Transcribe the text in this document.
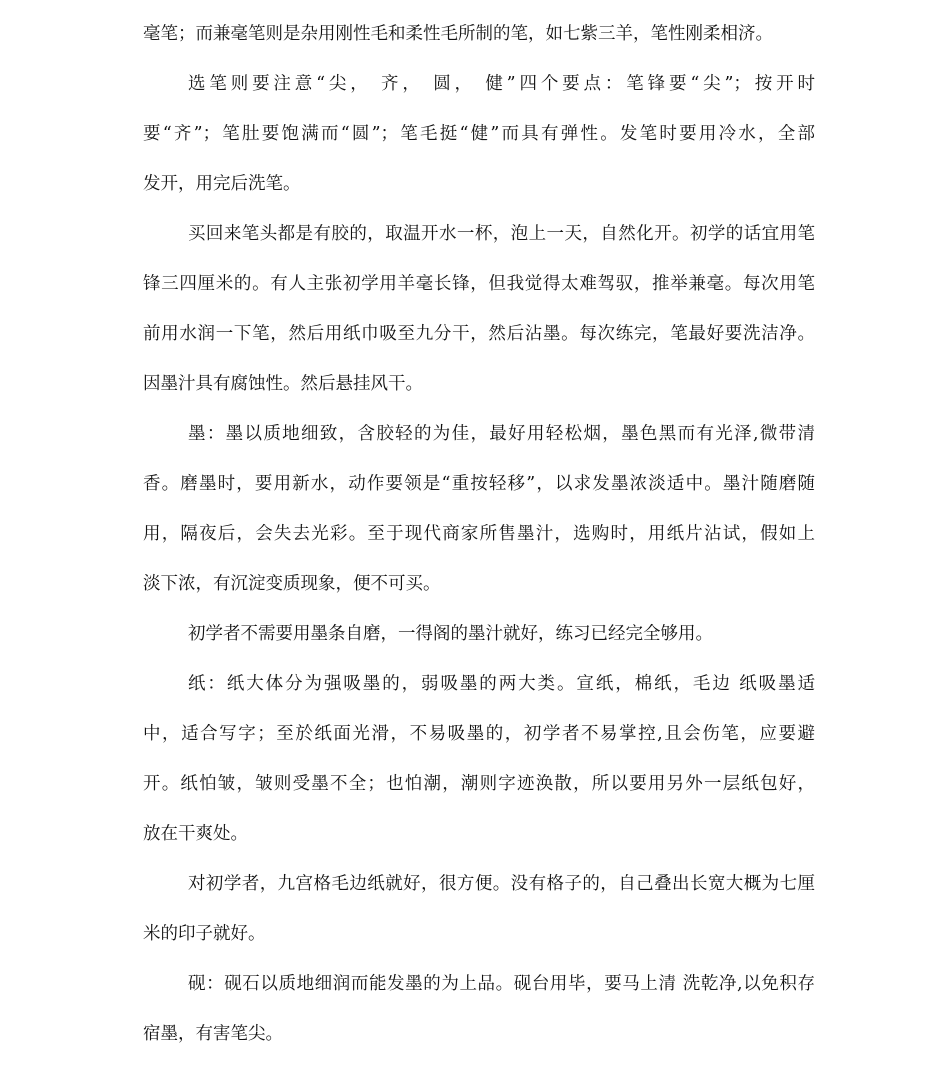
毫笔；而兼毫笔则是杂用刚性毛和柔性毛所制的笔，如七紫三羊，笔性刚柔相济。
选笔则要注意“尖， 齐， 圆， 健”四个要点：笔锋要“尖”；按开时
要“齐”；笔肚要饱满而“圆”；笔毛挺“健”而具有弹性。发笔时要用冷水，全部
发开，用完后洗笔。
买回来笔头都是有胶的，取温开水一杯，泡上一天，自然化开。初学的话宜用笔
锋三四厘米的。有人主张初学用羊毫长锋，但我觉得太难驾驭，推举兼毫。每次用笔
前用水润一下笔，然后用纸巾吸至九分干，然后沾墨。每次练完，笔最好要洗洁净。
因墨汁具有腐蚀性。然后悬挂风干。
墨：墨以质地细致，含胶轻的为佳，最好用轻松烟，墨色黑而有光泽,微带清
香。磨墨时，要用新水，动作要领是“重按轻移”，以求发墨浓淡适中。墨汁随磨随
用，隔夜后，会失去光彩。至于现代商家所售墨汁，选购时，用纸片沾试，假如上
淡下浓，有沉淀变质现象，便不可买。
初学者不需要用墨条自磨，一得阁的墨汁就好，练习已经完全够用。
纸：纸大体分为强吸墨的，弱吸墨的两大类。宣纸，棉纸，毛边 纸吸墨适
中，适合写字；至於纸面光滑，不易吸墨的，初学者不易掌控,且会伤笔，应要避
开。纸怕皱，皱则受墨不全；也怕潮，潮则字迹涣散，所以要用另外一层纸包好，
放在干爽处。
对初学者，九宫格毛边纸就好，很方便。没有格子的，自己叠出长宽大概为七厘
米的印子就好。
砚：砚石以质地细润而能发墨的为上品。砚台用毕，要马上清 洗乾净,以免积存
宿墨，有害笔尖。
